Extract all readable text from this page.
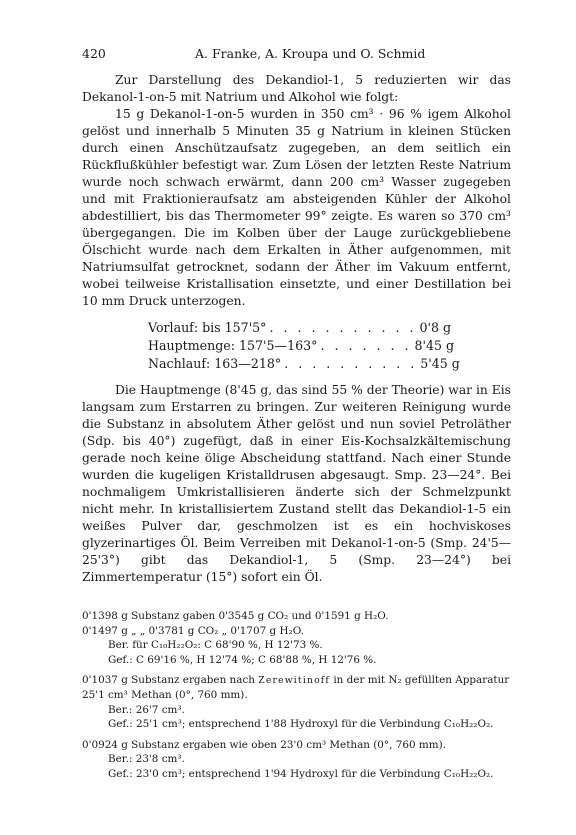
420	A. Franke, A. Kroupa und O. Schmid

Zur Darstellung des Dekandiol-1, 5 reduzierten wir das Dekanol-1-on-5 mit Natrium und Alkohol wie folgt:

15 g Dekanol-1-on-5 wurden in 350 cm³ · 96 % igem Alkohol gelöst und innerhalb 5 Minuten 35 g Natrium in kleinen Stücken durch einen Anschützaufsatz zugegeben, an dem seitlich ein Rückflußkühler befestigt war. Zum Lösen der letzten Reste Natrium wurde noch schwach erwärmt, dann 200 cm³ Wasser zugegeben und mit Fraktionieraufsatz am absteigenden Kühler der Alkohol abdestilliert, bis das Thermometer 99° zeigte. Es waren so 370 cm³ übergegangen. Die im Kolben über der Lauge zurückgebliebene Ölschicht wurde nach dem Erkalten in Äther aufgenommen, mit Natriumsulfat getrocknet, sodann der Äther im Vakuum entfernt, wobei teilweise Kristallisation einsetzte, und einer Destillation bei 10 mm Druck unterzogen.

Vorlauf: bis 157'5° . . . . . . . . . . . 0'8 g
Hauptmenge: 157'5—163° . . . . . . . 8'45 g
Nachlauf: 163—218° . . . . . . . . . . 5'45 g

Die Hauptmenge (8'45 g, das sind 55 % der Theorie) war in Eis langsam zum Erstarren zu bringen. Zur weiteren Reinigung wurde die Substanz in absolutem Äther gelöst und nun soviel Petroläther (Sdp. bis 40°) zugefügt, daß in einer Eis-Kochsalzkältemischung gerade noch keine ölige Abscheidung stattfand. Nach einer Stunde wurden die kugeligen Kristalldrusen abgesaugt. Smp. 23—24°. Bei nochmaligem Umkristallisieren änderte sich der Schmelzpunkt nicht mehr. In kristallisiertem Zustand stellt das Dekandiol-1-5 ein weißes Pulver dar, geschmolzen ist es ein hochviskoses glyzerinartiges Öl. Beim Verreiben mit Dekanol-1-on-5 (Smp. 24'5—25'3°) gibt das Dekandiol-1, 5 (Smp. 23—24°) bei Zimmertemperatur (15°) sofort ein Öl.

0'1398 g Substanz gaben 0'3545 g CO₂ und 0'1591 g H₂O.
0'1497 g „ „ 0'3781 g CO₂ „ 0'1707 g H₂O.
Ber. für C₁₀H₂₂O₂: C 68'90 %, H 12'73 %.
Gef.: C 69'16 %, H 12'74 %; C 68'88 %, H 12'76 %.
0'1037 g Substanz ergaben nach Zerewitinoff in der mit N₂ gefüllten Apparatur
25'1 cm³ Methan (0°, 760 mm).
Ber.: 26'7 cm³.
Gef.: 25'1 cm³; entsprechend 1'88 Hydroxyl für die Verbindung C₁₀H₂₂O₂.
0'0924 g Substanz ergaben wie oben 23'0 cm³ Methan (0°, 760 mm).
Ber.: 23'8 cm³.
Gef.: 23'0 cm³; entsprechend 1'94 Hydroxyl für die Verbindung C₁₀H₂₂O₂.
